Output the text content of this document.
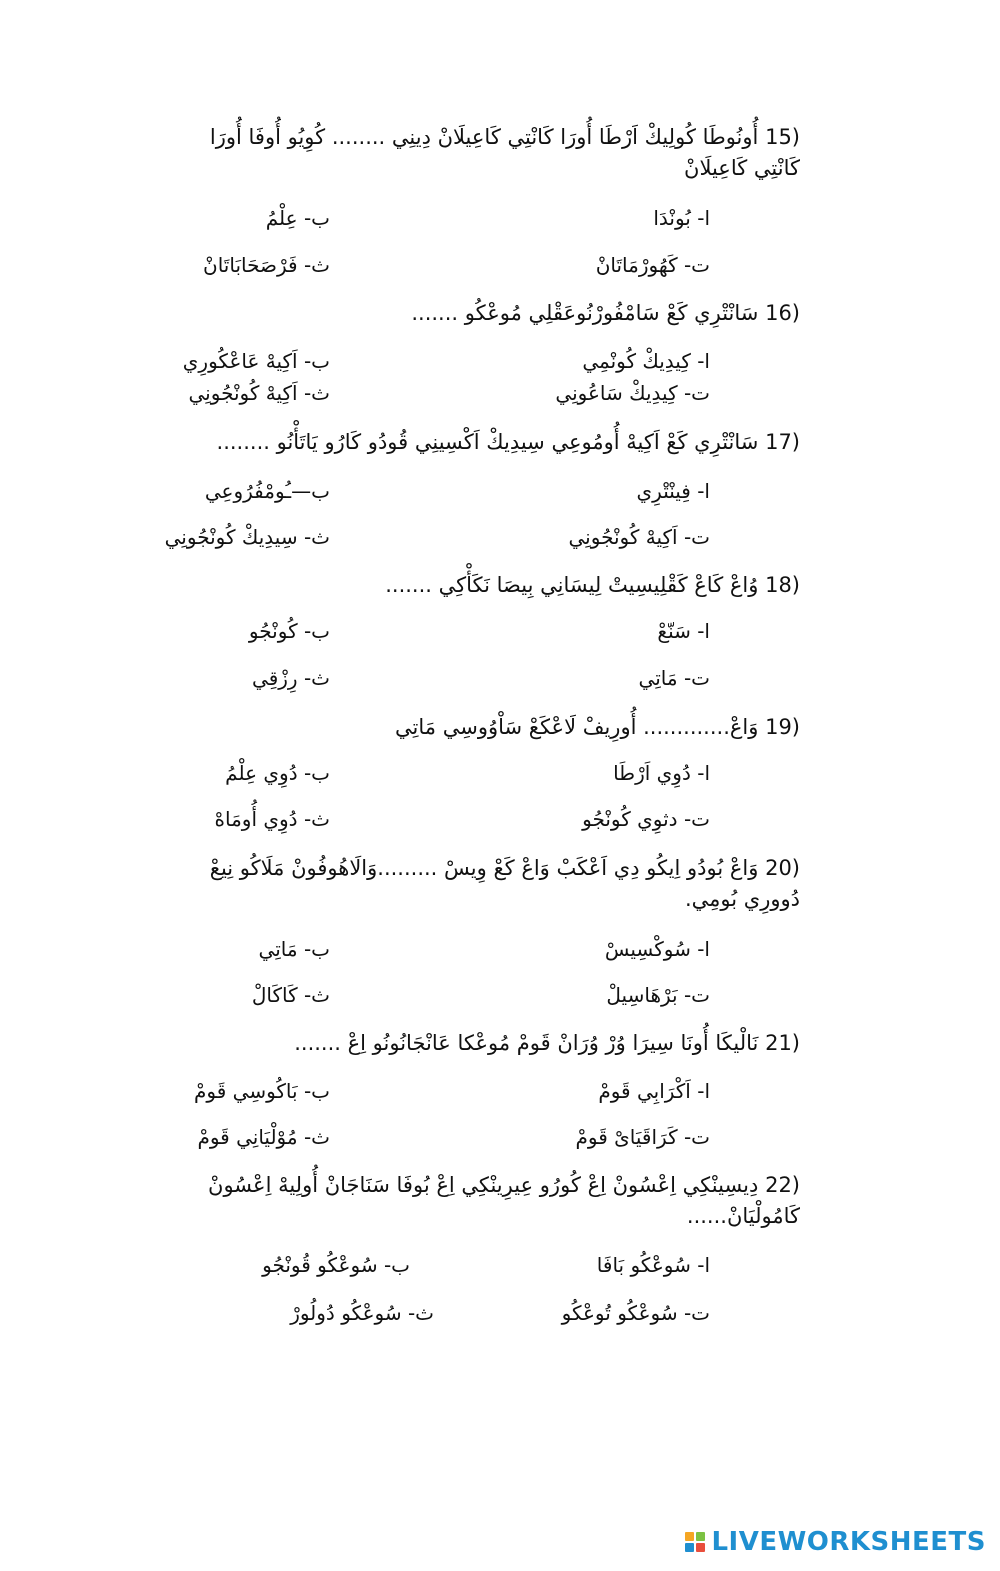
15) أُونُوطَا كُولِيكْ اَرْطَا أُورَا كَانْتِي كَاعِيلَانْ دِينِي ........ كُوِيُو أُوفَا أُورَا كَانْتِي كَاعِيلَانْ
ا- بُونْدَا
ب- عِلْمُ
ت- كَهُورْمَاتَانْ
ث- فَرْصَحَابَاتَانْ
16) سَانْتْرِي كَعْ سَامْفُورْنُوعَقْلِي مُوعْكُو .......
ا- كِيدِيكْ كُونْمِي
ب- اَكِيهْ عَاعْكُورِي
ت- كِيدِيكْ سَاعُونِي
ث- اَكِيهْ كُونْجُونِي
17) سَانْتْرِي كَعْ اَكِيهْ أُومُوعِي سِيدِيكْ اَكْسِينِي قُودُو كَارُو يَاتَأْنُو ........
ا- فِينْتْرِي
ب—ـُومْفُرُوعِي
ت- اَكِيهْ كُونْجُونِي
ث- سِيدِيكْ كُونْجُونِي
18) وُاعْ كَاعْ كَقْلِيسِيتْ لِيسَانِي بِيصَا نَكَأْكِي .......
ا- سَنّعْ
ب- كُونْجُو
ت- مَاتِي
ث- رِزْقِي
19) وَاعْ............. أُورِيفْ لَاعْكَعْ سَاْوُوسِي مَاتِي
ا- دُوِي اَرْطَا
ب- دُوِي عِلْمُ
ت- دثوِي كُونْجُو
ث- دُوِي أُومَاهْ
20) وَاعْ بُودُو اِيكُو دِي اَعْكَبْ وَاعْ كَعْ وِيسْ .........وَالَاهُوفُونْ مَلَاكُو نِيعْ دُوورِي بُومِي.
ا- سُوكْسِيسْ
ب- مَاتِي
ت- بَرْهَاسِيلْ
ث- كَاكَالْ
21) نَالْيكَا أُونَا سِيرَا وُرْ وُرَانْ قَومْ مُوعْكا عَانْجَانُونُو اِعْ .......
ا- اَكْرَابِي قَومْ
ب- بَاكُوسِي قَومْ
ت- كَرَاقَيَاىْ قَومْ
ث- مُوْلْيَانِي قَومْ
22) دِيسِينْكِي اِعْسُونْ اِعْ كُورُو عِيرِينْكِي اِعْ بُوفَا سَنَاجَانْ أُولِيهْ اِعْسُونْ كَامُولْيَانْ......
ا- سُوعْكُو بَافَا
ب- سُوعْكُو قُونْجُو
ت- سُوعْكُو تُوعْكُو
ث- سُوعْكُو دُولُورْ
LIVEWORKSHEETS
